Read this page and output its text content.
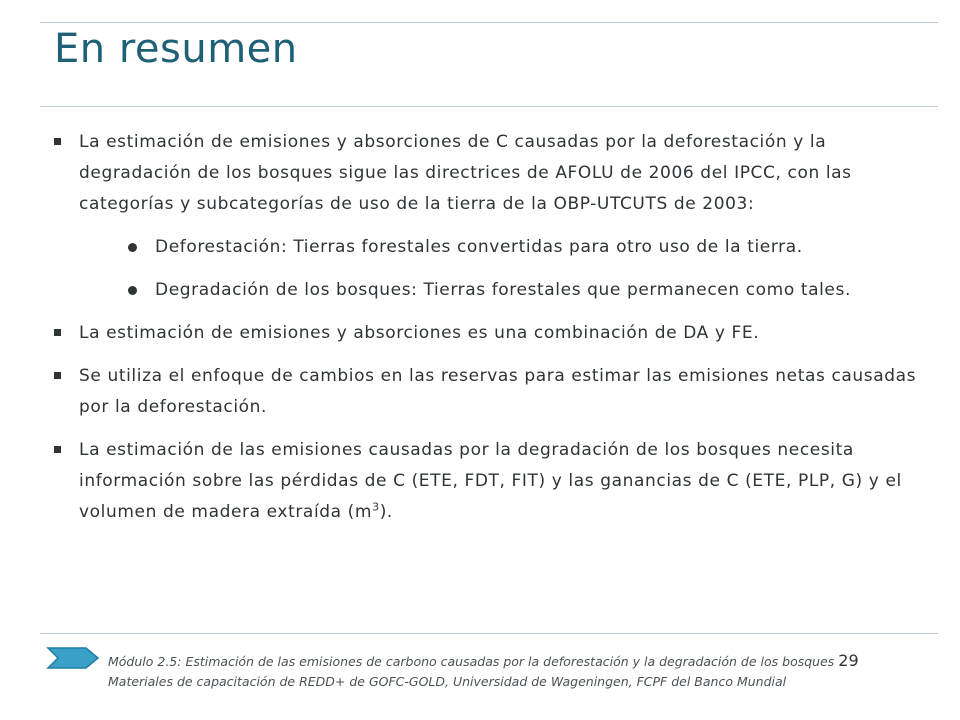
En resumen
La estimación de emisiones y absorciones de C causadas por la deforestación y la degradación de los bosques sigue las directrices de AFOLU de 2006 del IPCC, con las categorías y subcategorías de uso de la tierra de la OBP-UTCUTS de 2003:
Deforestación: Tierras forestales convertidas para otro uso de la tierra.
Degradación de los bosques: Tierras forestales que permanecen como tales.
La estimación de emisiones y absorciones es una combinación de DA y FE.
Se utiliza el enfoque de cambios en las reservas para estimar las emisiones netas causadas por la deforestación.
La estimación de las emisiones causadas por la degradación de los bosques necesita información sobre las pérdidas de C (ETE, FDT, FIT) y las ganancias de C (ETE, PLP, G) y el volumen de madera extraída $(m^3)$.
Módulo 2.5: Estimación de las emisiones de carbono causadas por la deforestación y la degradación de los bosques 29
Materiales de capacitación de REDD+ de GOFC-GOLD, Universidad de Wageningen, FCPF del Banco Mundial
